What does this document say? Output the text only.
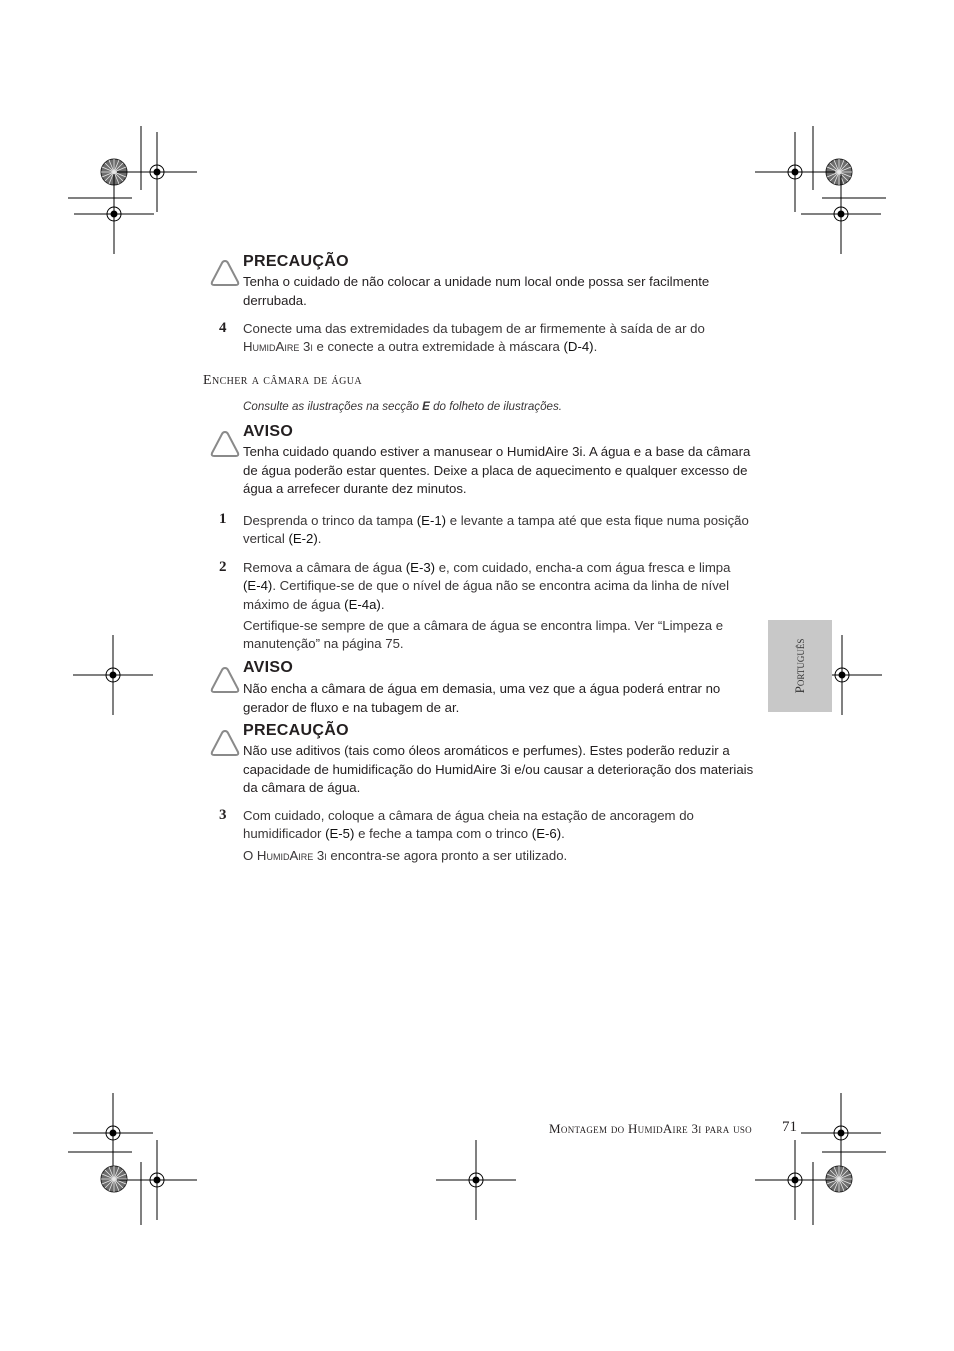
PRECAUÇÃO

Tenha o cuidado de não colocar a unidade num local onde possa ser facilmente derrubada.

4 Conecte uma das extremidades da tubagem de ar firmemente à saída de ar do HumidAire 3i e conecte a outra extremidade à máscara (D-4).

Encher a câmara de água

Consulte as ilustrações na secção E do folheto de ilustrações.

AVISO

Tenha cuidado quando estiver a manusear o HumidAire 3i. A água e a base da câmara de água poderão estar quentes. Deixe a placa de aquecimento e qualquer excesso de água a arrefecer durante dez minutos.

1 Desprenda o trinco da tampa (E-1) e levante a tampa até que esta fique numa posição vertical (E-2).

2 Remova a câmara de água (E-3) e, com cuidado, encha-a com água fresca e limpa (E-4). Certifique-se de que o nível de água não se encontra acima da linha de nível máximo de água (E-4a).

Certifique-se sempre de que a câmara de água se encontra limpa. Ver “Limpeza e manutenção” na página 75.

AVISO

Não encha a câmara de água em demasia, uma vez que a água poderá entrar no gerador de fluxo e na tubagem de ar.

PRECAUÇÃO

Não use aditivos (tais como óleos aromáticos e perfumes). Estes poderão reduzir a capacidade de humidificação do HumidAire 3i e/ou causar a deterioração dos materiais da câmara de água.

3 Com cuidado, coloque a câmara de água cheia na estação de ancoragem do humidificador (E-5) e feche a tampa com o trinco (E-6).

O HumidAire 3i encontra-se agora pronto a ser utilizado.

Português

Montagem do HumidAire 3i para uso 71
